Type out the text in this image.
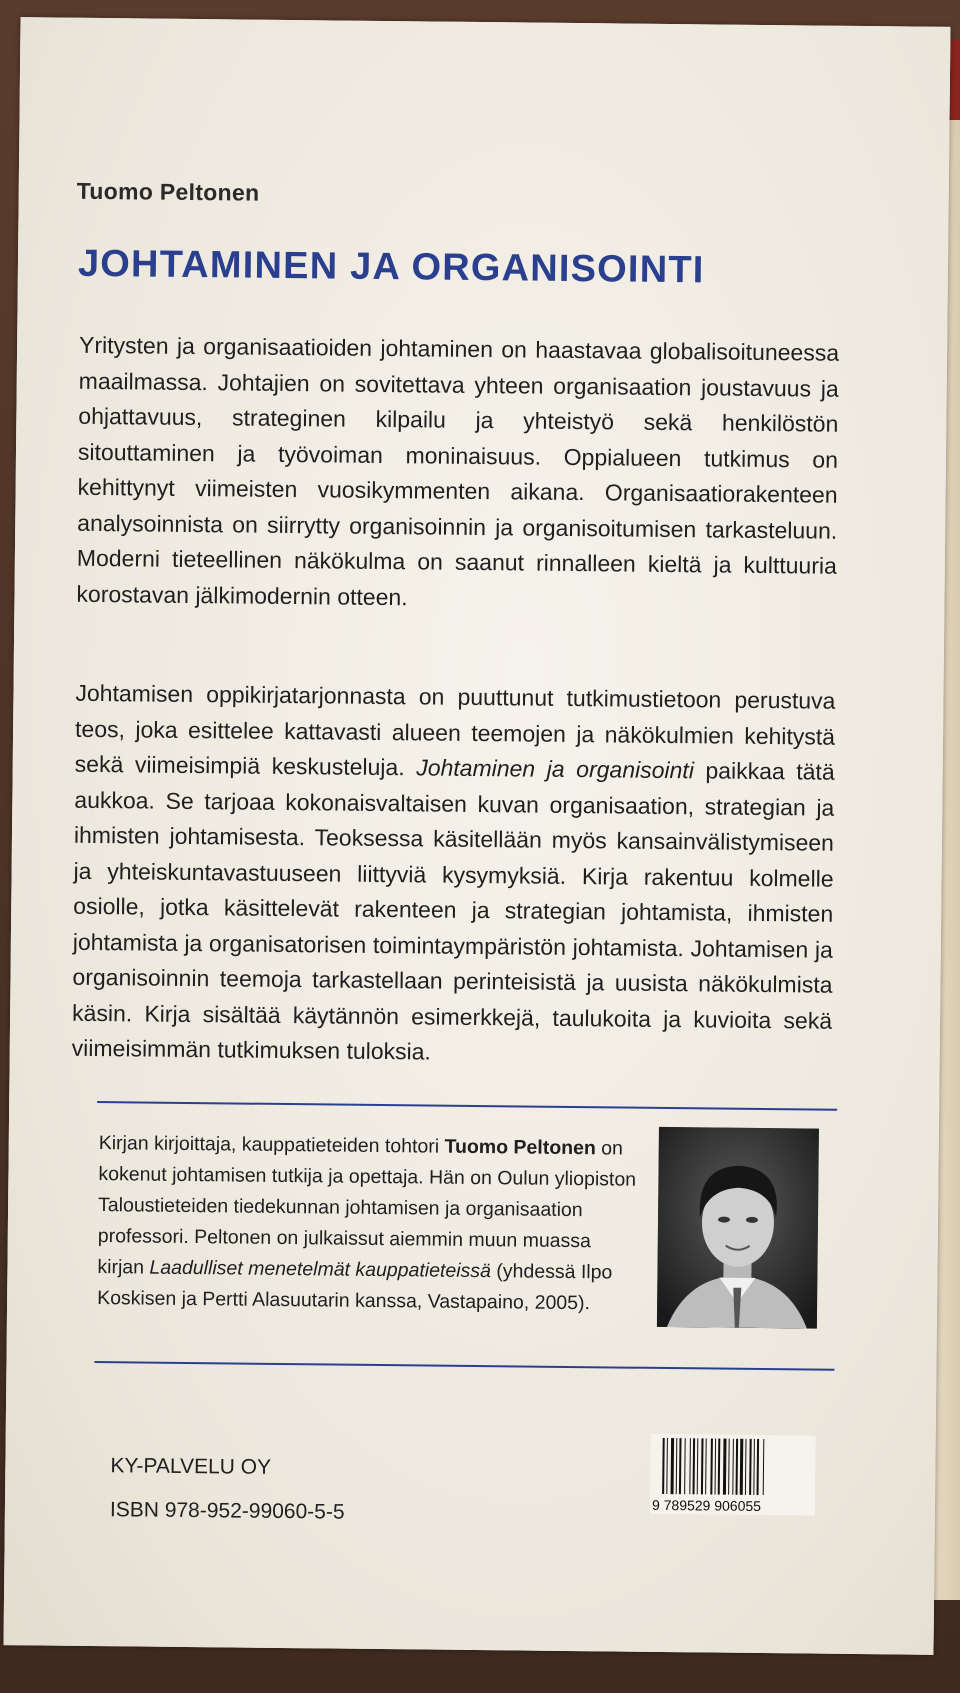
Tuomo Peltonen
JOHTAMINEN JA ORGANISOINTI
Yritysten ja organisaatioiden johtaminen on haastavaa globalisoituneessa maailmassa. Johtajien on sovitettava yhteen organisaation joustavuus ja ohjattavuus, strateginen kilpailu ja yhteistyö sekä henkilöstön sitouttaminen ja työvoiman moninaisuus. Oppialueen tutkimus on kehittynyt viimeisten vuosikymmenten aikana. Organisaatiorakenteen analysoinnista on siirrytty organisoinnin ja organisoitumisen tarkasteluun. Moderni tieteellinen näkökulma on saanut rinnalleen kieltä ja kulttuuria korostavan jälkimodernin otteen.
Johtamisen oppikirjatarjonnasta on puuttunut tutkimustietoon perustuva teos, joka esittelee kattavasti alueen teemojen ja näkökulmien kehitystä sekä viimeisimpiä keskusteluja. Johtaminen ja organisointi paikkaa tätä aukkoa. Se tarjoaa kokonaisvaltaisen kuvan organisaation, strategian ja ihmisten johtamisesta. Teoksessa käsitellään myös kansainvälistymiseen ja yhteiskuntavastuuseen liittyviä kysymyksiä. Kirja rakentuu kolmelle osiolle, jotka käsittelevät rakenteen ja strategian johtamista, ihmisten johtamista ja organisatorisen toimintaympäristön johtamista. Johtamisen ja organisoinnin teemoja tarkastellaan perinteisistä ja uusista näkökulmista käsin. Kirja sisältää käytännön esimerkkejä, taulukoita ja kuvioita sekä viimeisimmän tutkimuksen tuloksia.
Kirjan kirjoittaja, kauppatieteiden tohtori Tuomo Peltonen on kokenut johtamisen tutkija ja opettaja. Hän on Oulun yliopiston Taloustieteiden tiedekunnan johtamisen ja organisaation professori. Peltonen on julkaissut aiemmin muun muassa kirjan Laadulliset menetelmät kauppatieteissä (yhdessä Ilpo Koskisen ja Pertti Alasuutarin kanssa, Vastapaino, 2005).
KY-PALVELU OY
ISBN 978-952-99060-5-5	9 789529 906055
